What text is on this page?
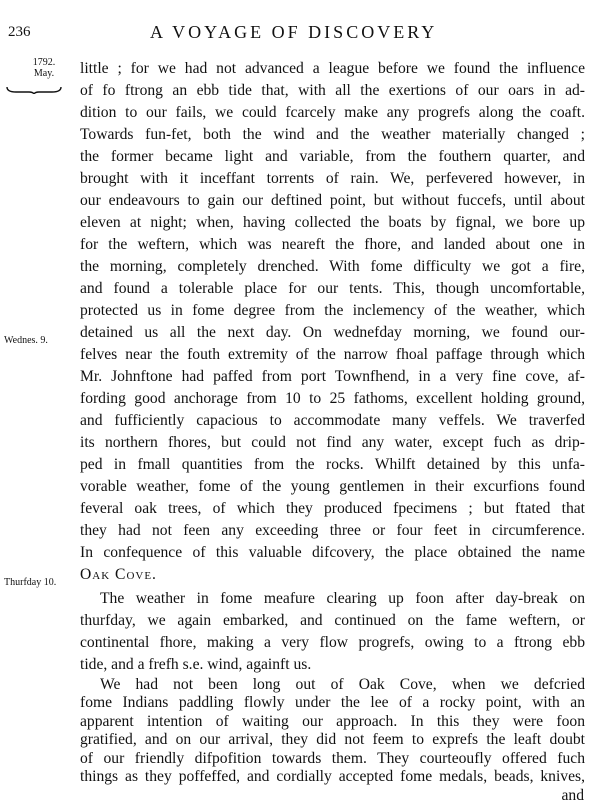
236	A VOYAGE OF DISCOVERY
1792.
May.
Wednes. 9.
Thurfday 10.
little ; for we had not advanced a league before we found the influence
of fo ftrong an ebb tide that, with all the exertions of our oars in ad-
dition to our fails, we could fcarcely make any progrefs along the coaft.
Towards fun-fet, both the wind and the weather materially changed ;
the former became light and variable, from the fouthern quarter, and
brought with it inceffant torrents of rain. We, perfevered however, in
our endeavours to gain our deftined point, but without fuccefs, until about
eleven at night; when, having collected the boats by fignal, we bore up
for the weftern, which was neareft the fhore, and landed about one in
the morning, completely drenched. With fome difficulty we got a fire,
and found a tolerable place for our tents. This, though uncomfortable,
protected us in fome degree from the inclemency of the weather, which
detained us all the next day. On wednefday morning, we found our-
felves near the fouth extremity of the narrow fhoal paffage through which
Mr. Johnftone had paffed from port Townfhend, in a very fine cove, af-
fording good anchorage from 10 to 25 fathoms, excellent holding ground,
and fufficiently capacious to accommodate many veffels. We traverfed
its northern fhores, but could not find any water, except fuch as drip-
ped in fmall quantities from the rocks. Whilft detained by this unfa-
vorable weather, fome of the young gentlemen in their excurfions found
feveral oak trees, of which they produced fpecimens ; but ftated that
they had not feen any exceeding three or four feet in circumference.
In confequence of this valuable difcovery, the place obtained the name
Oak Cove.
The weather in fome meafure clearing up foon after day-break on
thurfday, we again embarked, and continued on the fame weftern, or
continental fhore, making a very flow progrefs, owing to a ftrong ebb
tide, and a frefh s.e. wind, againft us.
We had not been long out of Oak Cove, when we defcried
fome Indians paddling flowly under the lee of a rocky point, with an
apparent intention of waiting our approach. In this they were foon
gratified, and on our arrival, they did not feem to exprefs the leaft doubt
of our friendly difpofition towards them. They courteoufly offered fuch
things as they poffeffed, and cordially accepted fome medals, beads, knives,
and
